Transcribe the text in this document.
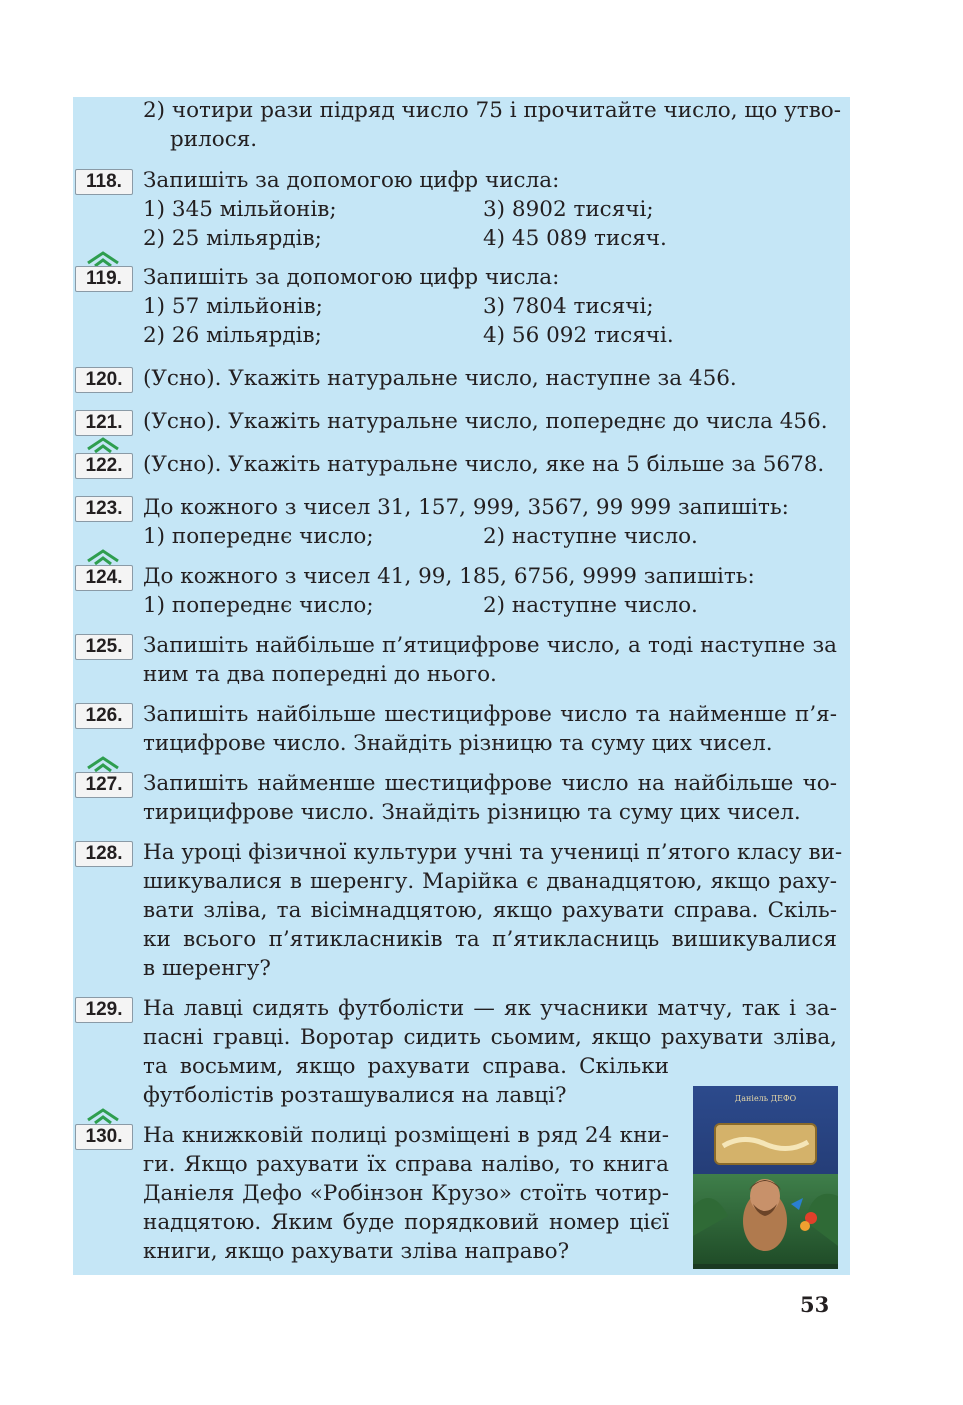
2) чотири рази підряд число 75 і прочитайте число, що утво-
рилося.
118. Запишіть за допомогою цифр числа:
1) 345 мільйонів;	3) 8902 тисячі;
2) 25 мільярдів;	4) 45 089 тисяч.
119. Запишіть за допомогою цифр числа:
1) 57 мільйонів;	3) 7804 тисячі;
2) 26 мільярдів;	4) 56 092 тисячі.
120. (Усно). Укажіть натуральне число, наступне за 456.
121. (Усно). Укажіть натуральне число, попереднє до числа 456.
122. (Усно). Укажіть натуральне число, яке на 5 більше за 5678.
123. До кожного з чисел 31, 157, 999, 3567, 99 999 запишіть:
1) попереднє число;	2) наступне число.
124. До кожного з чисел 41, 99, 185, 6756, 9999 запишіть:
1) попереднє число;	2) наступне число.
125. Запишіть найбільше п’ятицифрове число, а тоді наступне за
ним та два попередні до нього.
126. Запишіть найбільше шестицифрове число та найменше п’я-
тицифрове число. Знайдіть різницю та суму цих чисел.
127. Запишіть найменше шестицифрове число на найбільше чо-
тирицифрове число. Знайдіть різницю та суму цих чисел.
128. На уроці фізичної культури учні та учениці п’ятого класу ви-
шикувалися в шеренгу. Марійка є дванадцятою, якщо раху-
вати зліва, та вісімнадцятою, якщо рахувати справа. Скіль-
ки всього п’ятикласників та п’ятикласниць вишикувалися
в шеренгу?
129. На лавці сидять футболісти — як учасники матчу, так і за-
пасні гравці. Воротар сидить сьомим, якщо рахувати зліва,
та восьмим, якщо рахувати справа. Скільки
футболістів розташувалися на лавці?
130. На книжковій полиці розміщені в ряд 24 кни-
ги. Якщо рахувати їх справа наліво, то книга
Даніеля Дефо «Робінзон Крузо» стоїть чотир-
надцятою. Яким буде порядковий номер цієї
книги, якщо рахувати зліва направо?
Даніель ДЕФО
53
